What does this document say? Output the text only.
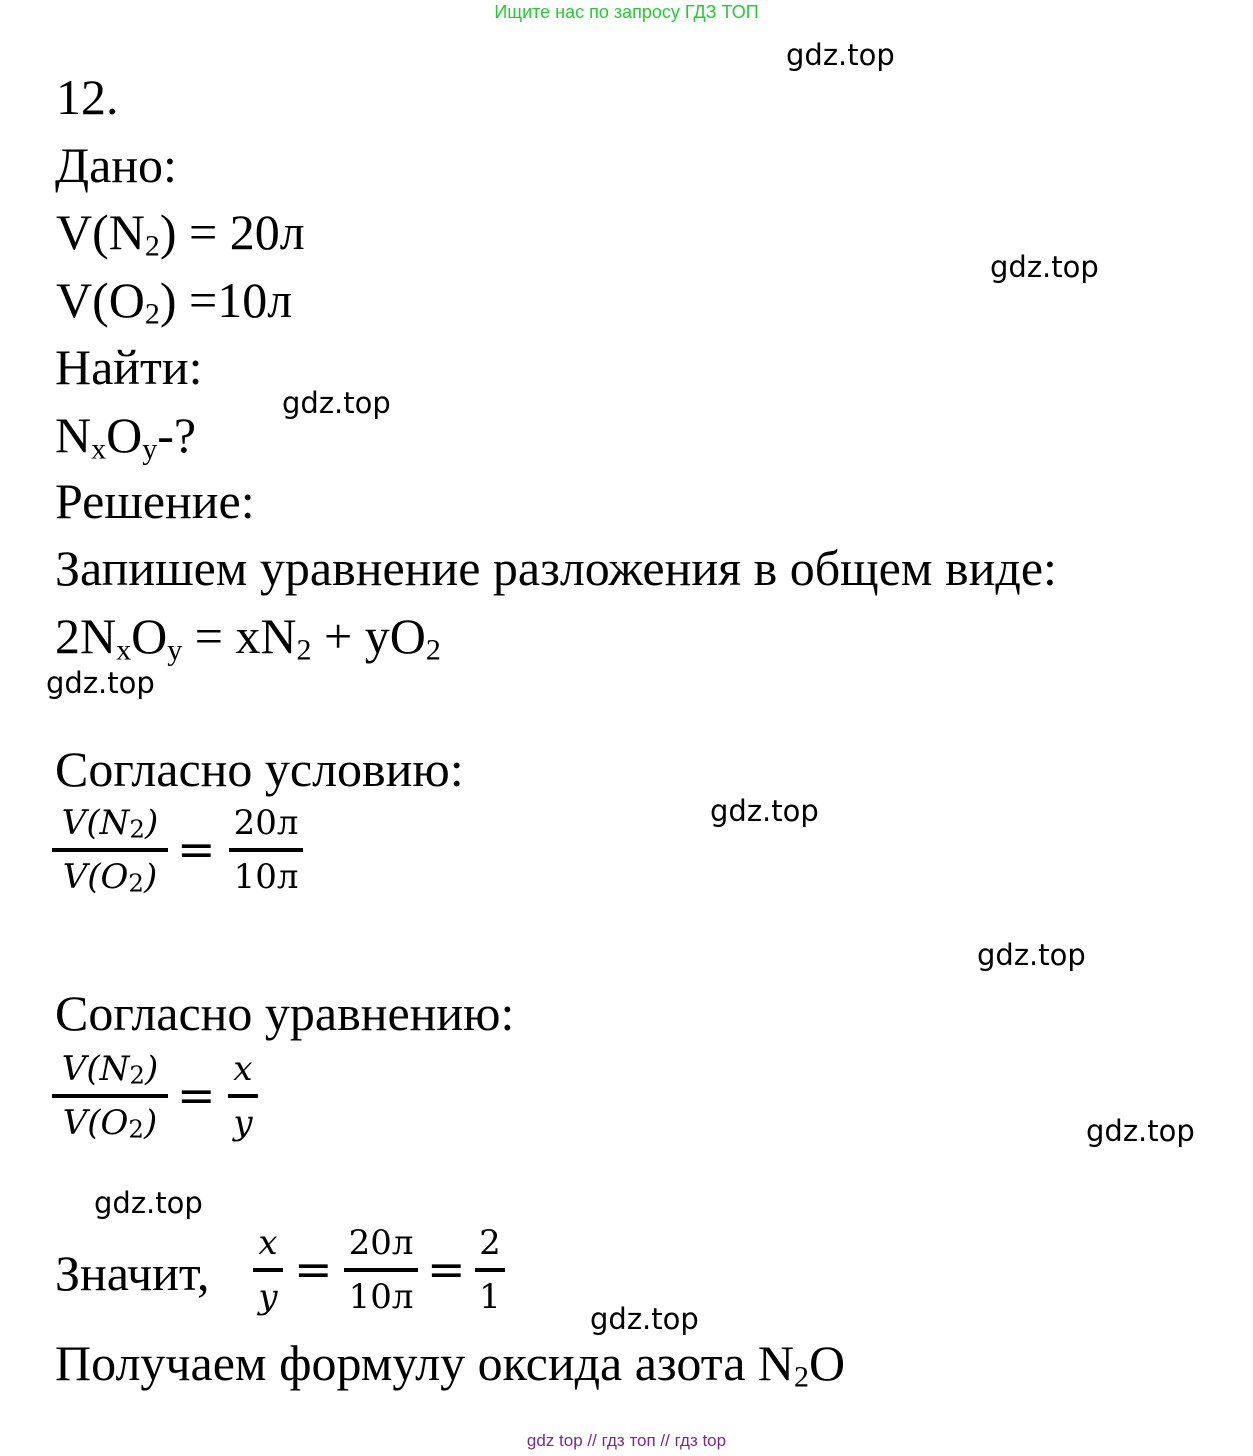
Ищите нас по запросу ГДЗ ТОП
gdz.top
gdz.top
gdz.top
gdz.top
gdz.top
gdz.top
gdz.top
gdz.top
gdz.top
12.
Дано:
$V(N_2) = 20л$
$V(O_2) =10л$
Найти:
$N_xO_y-$?
Решение:
Запишем уравнение разложения в общем виде:
$2N_xO_y = xN_2 + yO_2$
Согласно условию:
V(N2)
V(O2)
= 20л
10л
Согласно уравнению:
V(N2)
V(O2)
= x
y
Значит,
x
y
= 20л
10л
= 2
1
Получаем формулу оксида азота $N_2O$
gdz top // гдз топ // гдз top
